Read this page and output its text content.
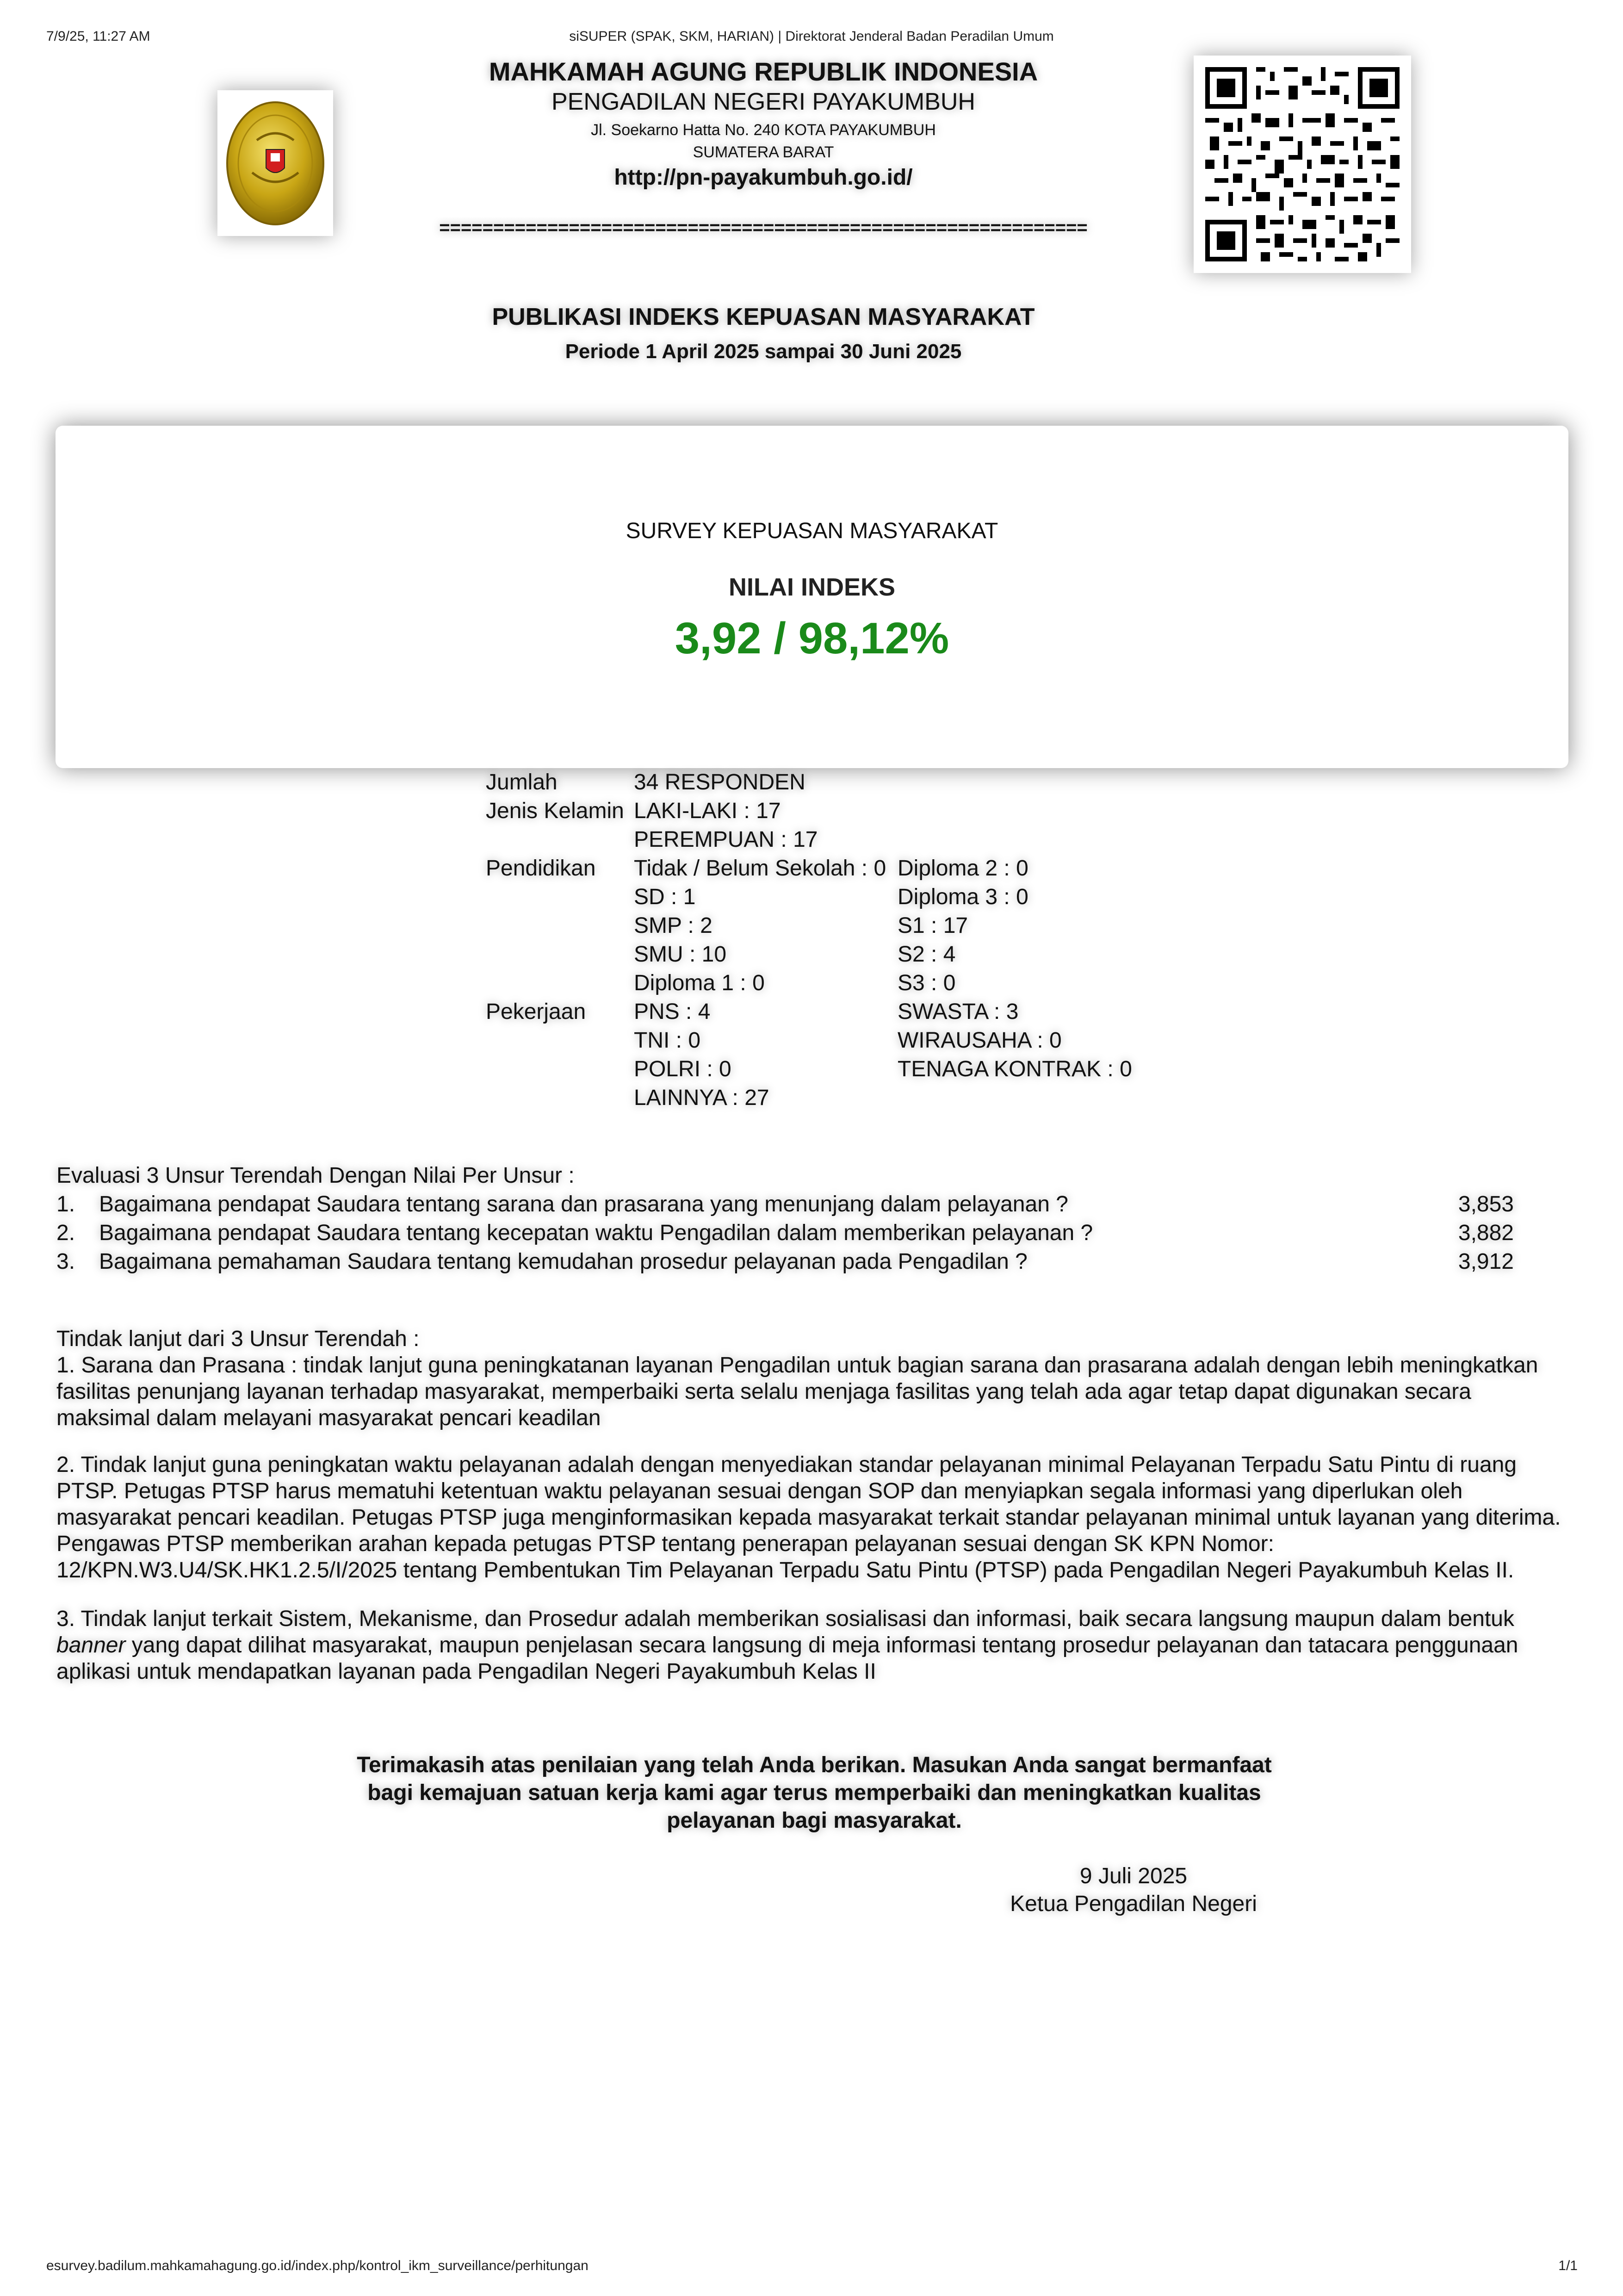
7/9/25, 11:27 AM	siSUPER (SPAK, SKM, HARIAN) | Direktorat Jenderal Badan Peradilan Umum
MAHKAMAH AGUNG REPUBLIK INDONESIA
PENGADILAN NEGERI PAYAKUMBUH
Jl. Soekarno Hatta No. 240 KOTA PAYAKUMBUH
SUMATERA BARAT
http://pn-payakumbuh.go.id/
============================================================
PUBLIKASI INDEKS KEPUASAN MASYARAKAT
Periode 1 April 2025 sampai 30 Juni 2025
SURVEY KEPUASAN MASYARAKAT
NILAI INDEKS
3,92 / 98,12%
Jumlah	34 RESPONDEN
Jenis Kelamin LAKI-LAKI : 17
PEREMPUAN : 17
Pendidikan	Tidak / Belum Sekolah : 0 Diploma 2 : 0
SD : 1	Diploma 3 : 0
SMP : 2	S1 : 17
SMU : 10	S2 : 4
Diploma 1 : 0	S3 : 0
Pekerjaan	PNS : 4	SWASTA : 3
TNI : 0	WIRAUSAHA : 0
POLRI : 0	TENAGA KONTRAK : 0
LAINNYA : 27
Evaluasi 3 Unsur Terendah Dengan Nilai Per Unsur :
1.	Bagaimana pendapat Saudara tentang sarana dan prasarana yang menunjang dalam pelayanan ?	3,853
2.	Bagaimana pendapat Saudara tentang kecepatan waktu Pengadilan dalam memberikan pelayanan ?	3,882
3.	Bagaimana pemahaman Saudara tentang kemudahan prosedur pelayanan pada Pengadilan ?	3,912
Tindak lanjut dari 3 Unsur Terendah :
1. Sarana dan Prasana : tindak lanjut guna peningkatanan layanan Pengadilan untuk bagian sarana dan prasarana adalah dengan lebih meningkatkan fasilitas penunjang layanan terhadap masyarakat, memperbaiki serta selalu menjaga fasilitas yang telah ada agar tetap dapat digunakan secara maksimal dalam melayani masyarakat pencari keadilan
2. Tindak lanjut guna peningkatan waktu pelayanan adalah dengan menyediakan standar pelayanan minimal Pelayanan Terpadu Satu Pintu di ruang PTSP. Petugas PTSP harus mematuhi ketentuan waktu pelayanan sesuai dengan SOP dan menyiapkan segala informasi yang diperlukan oleh masyarakat pencari keadilan. Petugas PTSP juga menginformasikan kepada masyarakat terkait standar pelayanan minimal untuk layanan yang diterima. Pengawas PTSP memberikan arahan kepada petugas PTSP tentang penerapan pelayanan sesuai dengan SK KPN Nomor: 12/KPN.W3.U4/SK.HK1.2.5/I/2025 tentang Pembentukan Tim Pelayanan Terpadu Satu Pintu (PTSP) pada Pengadilan Negeri Payakumbuh Kelas II.
3. Tindak lanjut terkait Sistem, Mekanisme, dan Prosedur adalah memberikan sosialisasi dan informasi, baik secara langsung maupun dalam bentuk banner yang dapat dilihat masyarakat, maupun penjelasan secara langsung di meja informasi tentang prosedur pelayanan dan tatacara penggunaan aplikasi untuk mendapatkan layanan pada Pengadilan Negeri Payakumbuh Kelas II
Terimakasih atas penilaian yang telah Anda berikan. Masukan Anda sangat bermanfaat bagi kemajuan satuan kerja kami agar terus memperbaiki dan meningkatkan kualitas pelayanan bagi masyarakat.
9 Juli 2025
Ketua Pengadilan Negeri
esurvey.badilum.mahkamahagung.go.id/index.php/kontrol_ikm_surveillance/perhitungan	1/1
